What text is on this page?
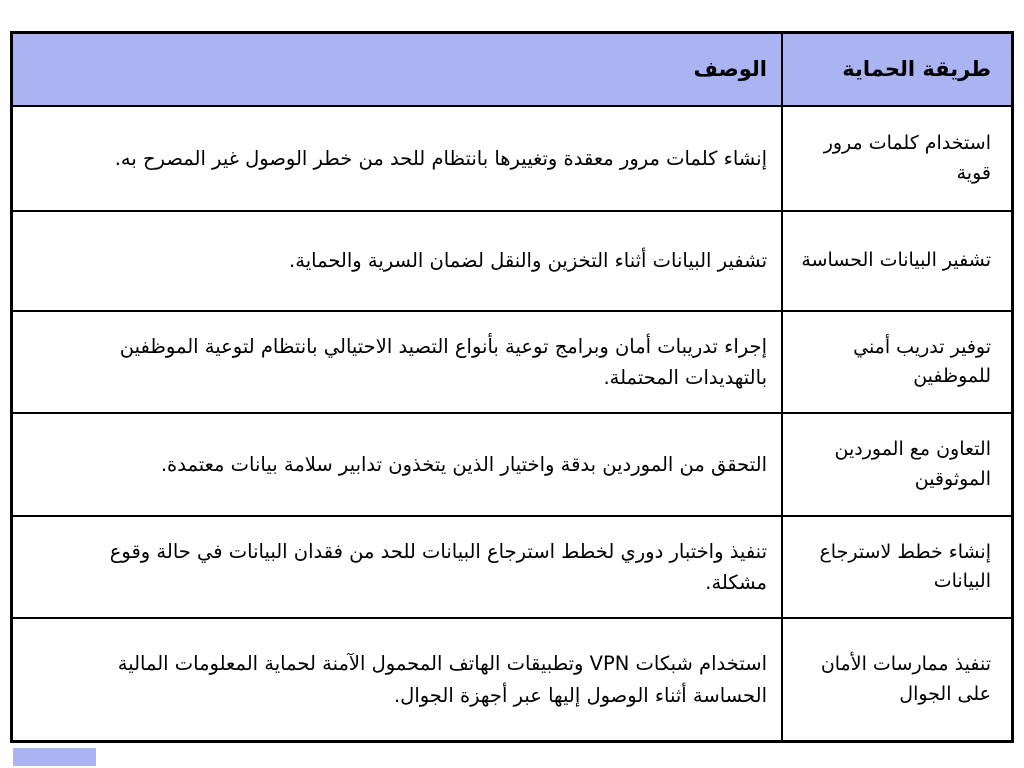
طريقة الحماية
الوصف
استخدام كلمات مرور قوية
إنشاء كلمات مرور معقدة وتغييرها بانتظام للحد من خطر الوصول غير المصرح به.
تشفير البيانات الحساسة
تشفير البيانات أثناء التخزين والنقل لضمان السرية والحماية.
توفير تدريب أمني للموظفين
إجراء تدريبات أمان وبرامج توعية بأنواع التصيد الاحتيالي بانتظام لتوعية الموظفين بالتهديدات المحتملة.
التعاون مع الموردين الموثوقين
التحقق من الموردين بدقة واختيار الذين يتخذون تدابير سلامة بيانات معتمدة.
إنشاء خطط لاسترجاع البيانات
تنفيذ واختبار دوري لخطط استرجاع البيانات للحد من فقدان البيانات في حالة وقوع مشكلة.
تنفيذ ممارسات الأمان على الجوال
استخدام شبكات VPN وتطبيقات الهاتف المحمول الآمنة لحماية المعلومات المالية الحساسة أثناء الوصول إليها عبر أجهزة الجوال.
